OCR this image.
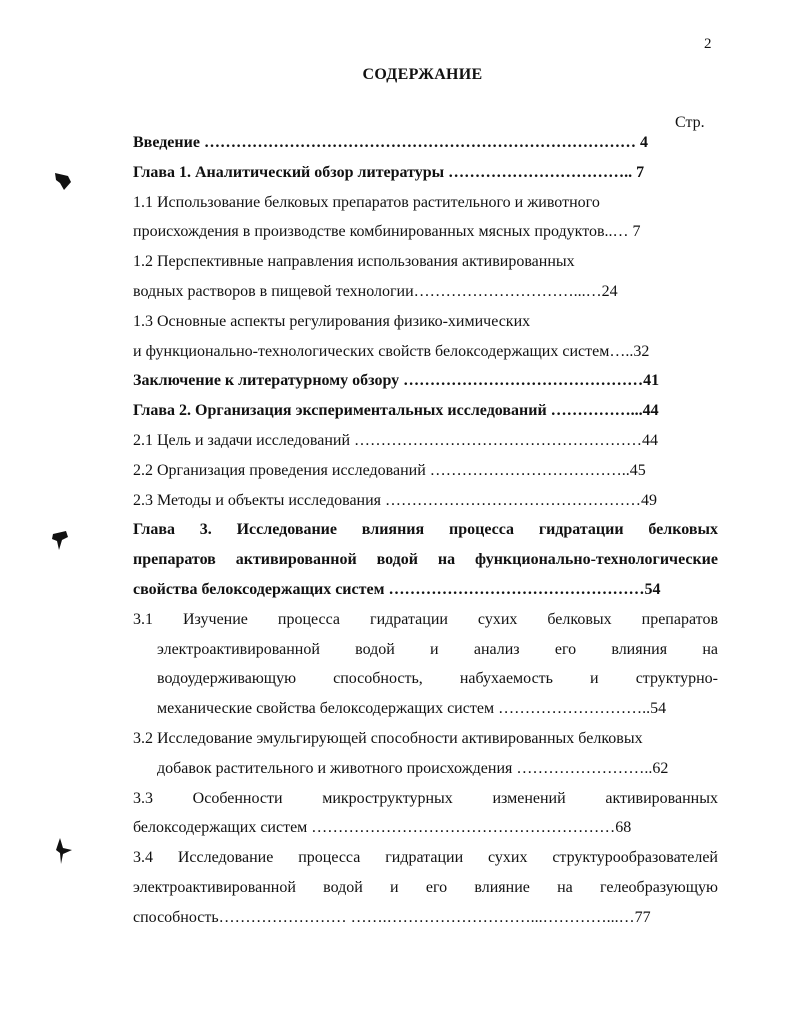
2
СОДЕРЖАНИЕ
Стр.
Введение ……………………………………………………………………… 4
Глава 1. Аналитический обзор литературы …………………………….. 7
1.1 Использование белковых препаратов растительного и животного
происхождения в производстве комбинированных мясных продуктов..… 7
1.2 Перспективные направления использования активированных
водных растворов в пищевой технологии…………………………...…24
1.3 Основные аспекты регулирования физико-химических
и функционально-технологических свойств белоксодержащих систем…..32
Заключение к литературному обзору ………………………………………41
Глава 2. Организация экспериментальных исследований ……………...44
2.1 Цель и задачи исследований ………………………………………………44
2.2 Организация проведения исследований ………………………………..45
2.3 Методы и объекты исследования …………………………………………49
Глава 3. Исследование влияния процесса гидратации белковых
препаратов активированной водой на функционально-технологические
свойства белоксодержащих систем …………………………………………54
3.1 Изучение процесса гидратации сухих белковых препаратов
электроактивированной водой и анализ его влияния на
водоудерживающую способность, набухаемость и структурно-
механические свойства белоксодержащих систем ………………………..54
3.2 Исследование эмульгирующей способности активированных белковых
добавок растительного и животного происхождения ……………………..62
3.3 Особенности микроструктурных изменений активированных
белоксодержащих систем …………………………………………………68
3.4 Исследование процесса гидратации сухих структурообразователей
электроактивированной водой и его влияние на гелеобразующую
способность…………………… …….………………………...…………...…77
